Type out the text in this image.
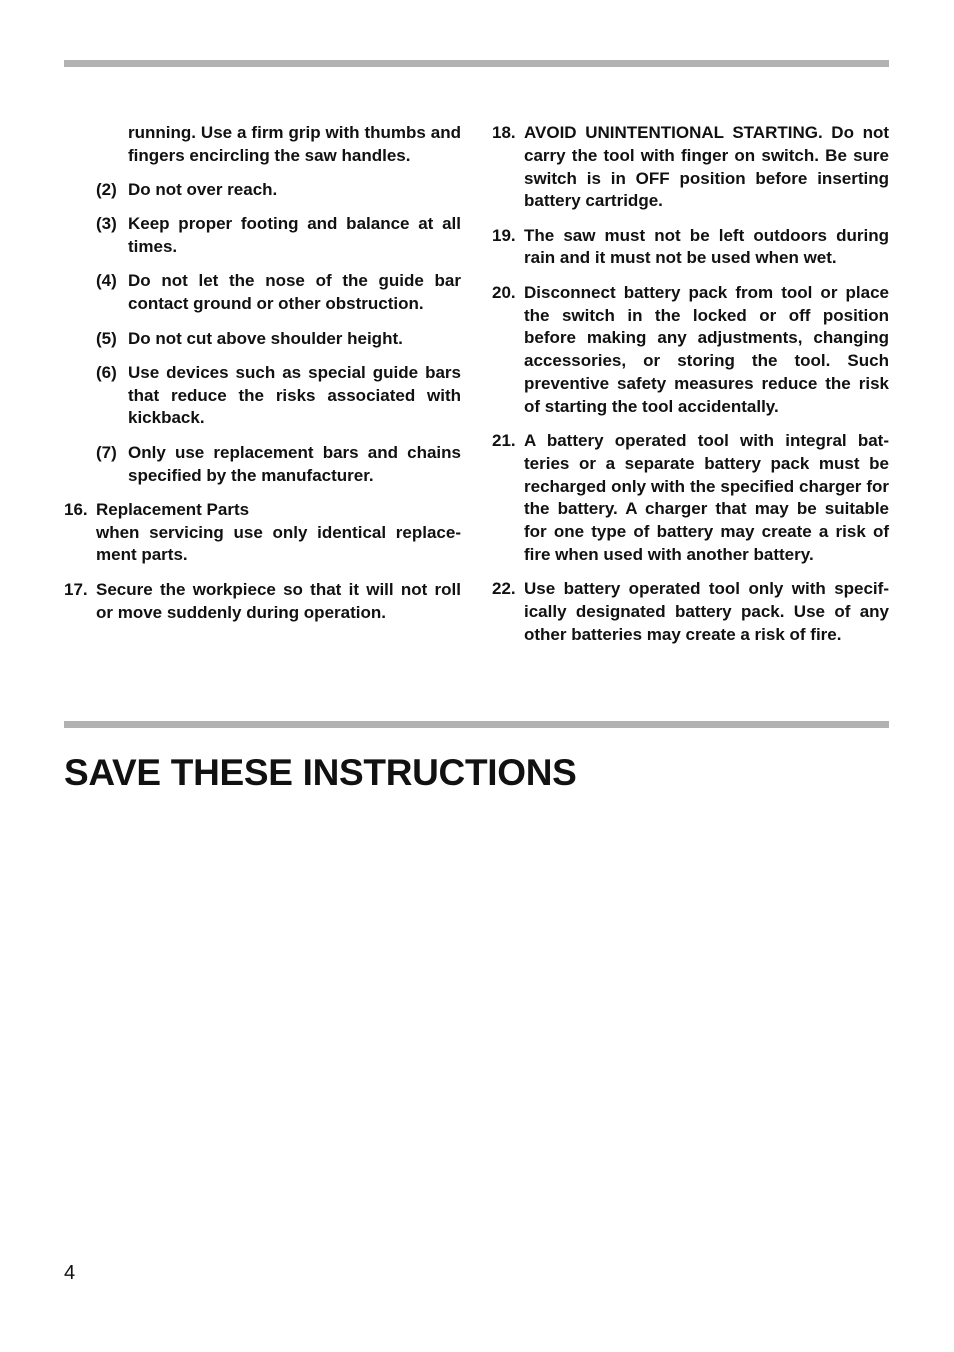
running. Use a firm grip with thumbs and fingers encircling the saw handles.
(2) Do not over reach.
(3) Keep proper footing and balance at all times.
(4) Do not let the nose of the guide bar contact ground or other obstruction.
(5) Do not cut above shoulder height.
(6) Use devices such as special guide bars that reduce the risks associated with kickback.
(7) Only use replacement bars and chains specified by the manufacturer.
16. Replacement Parts
when servicing use only identical replacement parts.
17. Secure the workpiece so that it will not roll or move suddenly during operation.
18. AVOID UNINTENTIONAL STARTING. Do not carry the tool with finger on switch. Be sure switch is in OFF position before inserting battery cartridge.
19. The saw must not be left outdoors during rain and it must not be used when wet.
20. Disconnect battery pack from tool or place the switch in the locked or off position before making any adjustments, changing accessories, or storing the tool. Such preventive safety measures reduce the risk of starting the tool accidentally.
21. A battery operated tool with integral batteries or a separate battery pack must be recharged only with the specified charger for the battery. A charger that may be suitable for one type of battery may create a risk of fire when used with another battery.
22. Use battery operated tool only with specifically designated battery pack. Use of any other batteries may create a risk of fire.
SAVE THESE INSTRUCTIONS
4
